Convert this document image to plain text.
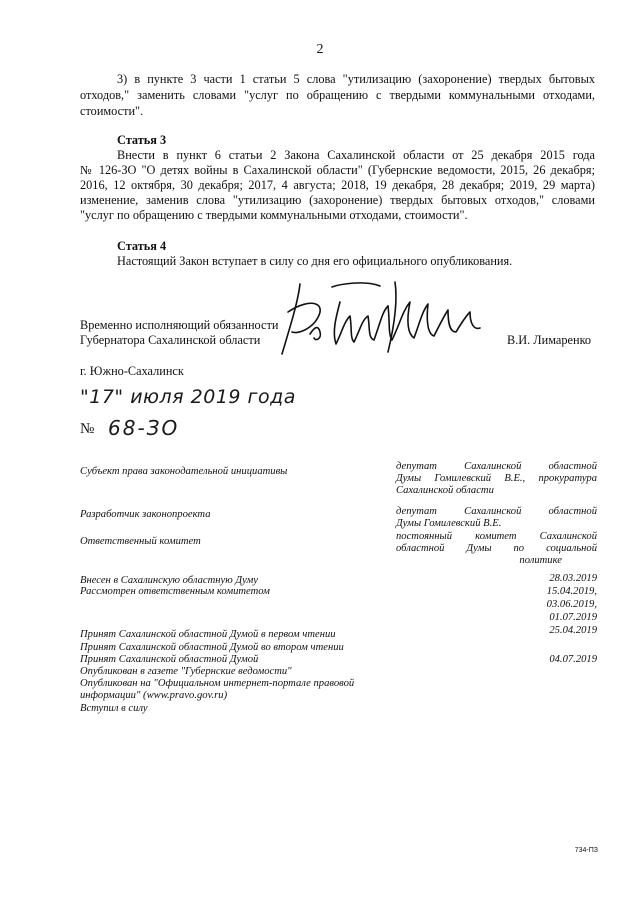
2
3) в пункте 3 части 1 статьи 5 слова "утилизацию (захоронение) твердых бытовых
отходов," заменить словами "услуг по обращению с твердыми коммунальными отходами,
стоимости".
Статья 3
Внести в пункт 6 статьи 2 Закона Сахалинской области от 25 декабря 2015 года
№ 126-ЗО "О детях войны в Сахалинской области" (Губернские ведомости, 2015, 26 декабря;
2016, 12 октября, 30 декабря; 2017, 4 августа; 2018, 19 декабря, 28 декабря; 2019, 29 марта)
изменение, заменив слова "утилизацию (захоронение) твердых бытовых отходов," словами
"услуг по обращению с твердыми коммунальными отходами, стоимости".
Статья 4
Настоящий Закон вступает в силу со дня его официального опубликования.
Временно исполняющий обязанности
Губернатора Сахалинской области	В.И. Лимаренко
г. Южно-Сахалинск
"17" июля 2019 года
№ 68-ЗО
Субъект права законодательной инициативы
Разработчик законопроекта
Ответственный комитет
Внесен в Сахалинскую областную Думу
Рассмотрен ответственным комитетом
Принят Сахалинской областной Думой в первом чтении
Принят Сахалинской областной Думой во втором чтении
Принят Сахалинской областной Думой
Опубликован в газете "Губернские ведомости"
Опубликован на "Официальном интернет-портале правовой
информации" (www.pravo.gov.ru)
Вступил в силу
депутат Сахалинской областной
Думы Гомилевский В.Е., прокуратура
Сахалинской области
депутат Сахалинской областной
Думы Гомилевский В.Е.
постоянный комитет Сахалинской
областной Думы по социальной
политике
28.03.2019
15.04.2019,
03.06.2019,
01.07.2019
25.04.2019
04.07.2019
734-ПЗ
